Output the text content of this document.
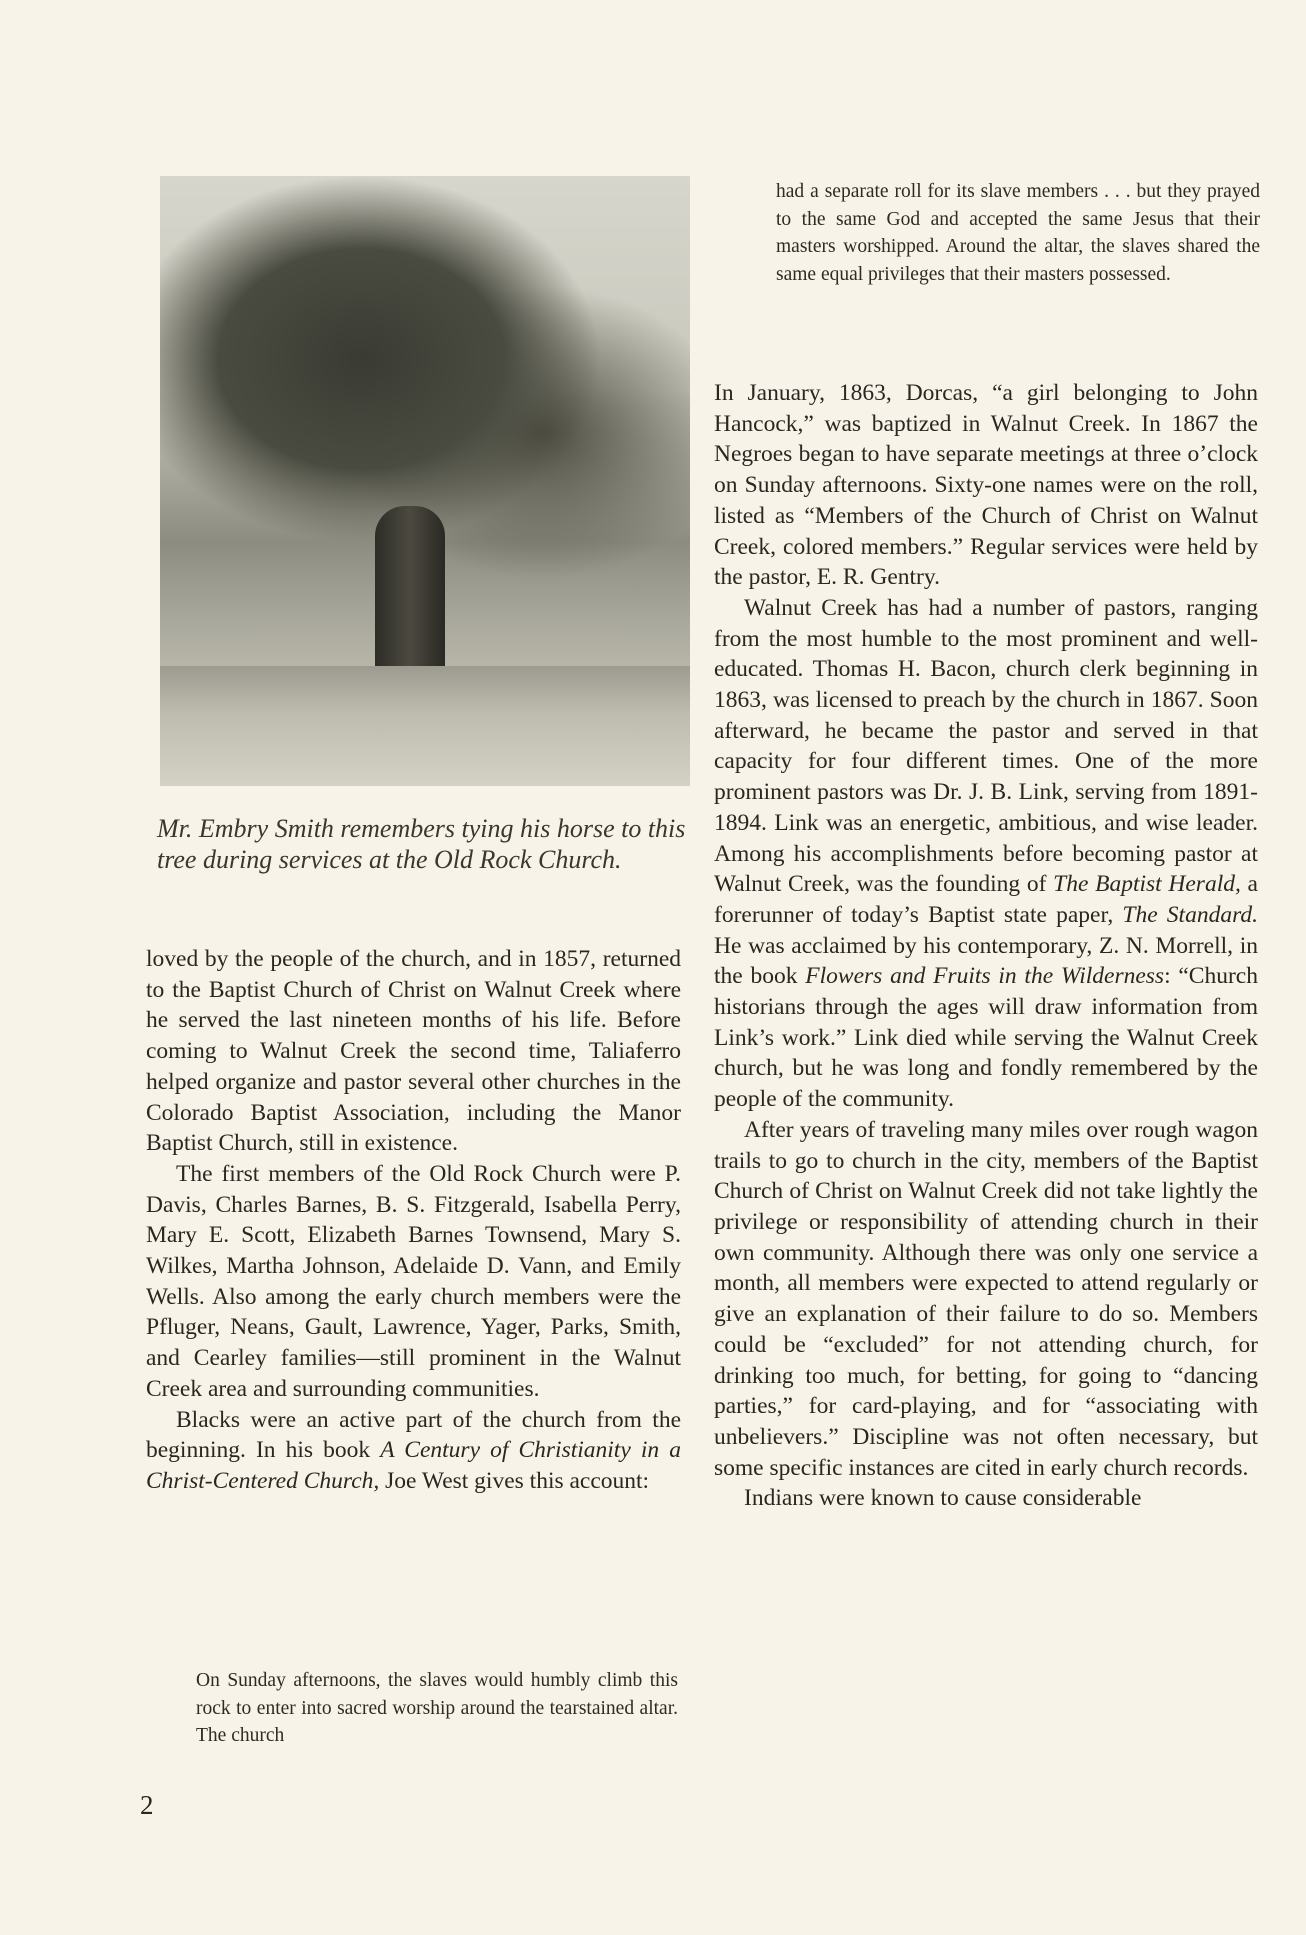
Mr. Embry Smith remembers tying his horse to this tree during services at the Old Rock Church.

loved by the people of the church, and in 1857, returned to the Baptist Church of Christ on Walnut Creek where he served the last nineteen months of his life. Before coming to Walnut Creek the second time, Taliaferro helped organize and pastor several other churches in the Colorado Baptist Association, including the Manor Baptist Church, still in existence.

The first members of the Old Rock Church were P. Davis, Charles Barnes, B. S. Fitzgerald, Isabella Perry, Mary E. Scott, Elizabeth Barnes Townsend, Mary S. Wilkes, Martha Johnson, Adelaide D. Vann, and Emily Wells. Also among the early church members were the Pfluger, Neans, Gault, Lawrence, Yager, Parks, Smith, and Cearley families—still prominent in the Walnut Creek area and surrounding communities.

Blacks were an active part of the church from the beginning. In his book A Century of Christianity in a Christ-Centered Church, Joe West gives this account:

On Sunday afternoons, the slaves would humbly climb this rock to enter into sacred worship around the tearstained altar. The church
had a separate roll for its slave members . . . but they prayed to the same God and accepted the same Jesus that their masters worshipped. Around the altar, the slaves shared the same equal privileges that their masters possessed.

In January, 1863, Dorcas, “a girl belonging to John Hancock,” was baptized in Walnut Creek. In 1867 the Negroes began to have separate meetings at three o’clock on Sunday afternoons. Sixty-one names were on the roll, listed as “Members of the Church of Christ on Walnut Creek, colored members.” Regular services were held by the pastor, E. R. Gentry.

Walnut Creek has had a number of pastors, ranging from the most humble to the most prominent and well-educated. Thomas H. Bacon, church clerk beginning in 1863, was licensed to preach by the church in 1867. Soon afterward, he became the pastor and served in that capacity for four different times. One of the more prominent pastors was Dr. J. B. Link, serving from 1891-1894. Link was an energetic, ambitious, and wise leader. Among his accomplishments before becoming pastor at Walnut Creek, was the founding of The Baptist Herald, a forerunner of today’s Baptist state paper, The Standard. He was acclaimed by his contemporary, Z. N. Morrell, in the book Flowers and Fruits in the Wilderness: “Church historians through the ages will draw information from Link’s work.” Link died while serving the Walnut Creek church, but he was long and fondly remembered by the people of the community.

After years of traveling many miles over rough wagon trails to go to church in the city, members of the Baptist Church of Christ on Walnut Creek did not take lightly the privilege or responsibility of attending church in their own community. Although there was only one service a month, all members were expected to attend regularly or give an explanation of their failure to do so. Members could be “excluded” for not attending church, for drinking too much, for betting, for going to “dancing parties,” for card-playing, and for “associating with unbelievers.” Discipline was not often necessary, but some specific instances are cited in early church records.

Indians were known to cause considerable

2
